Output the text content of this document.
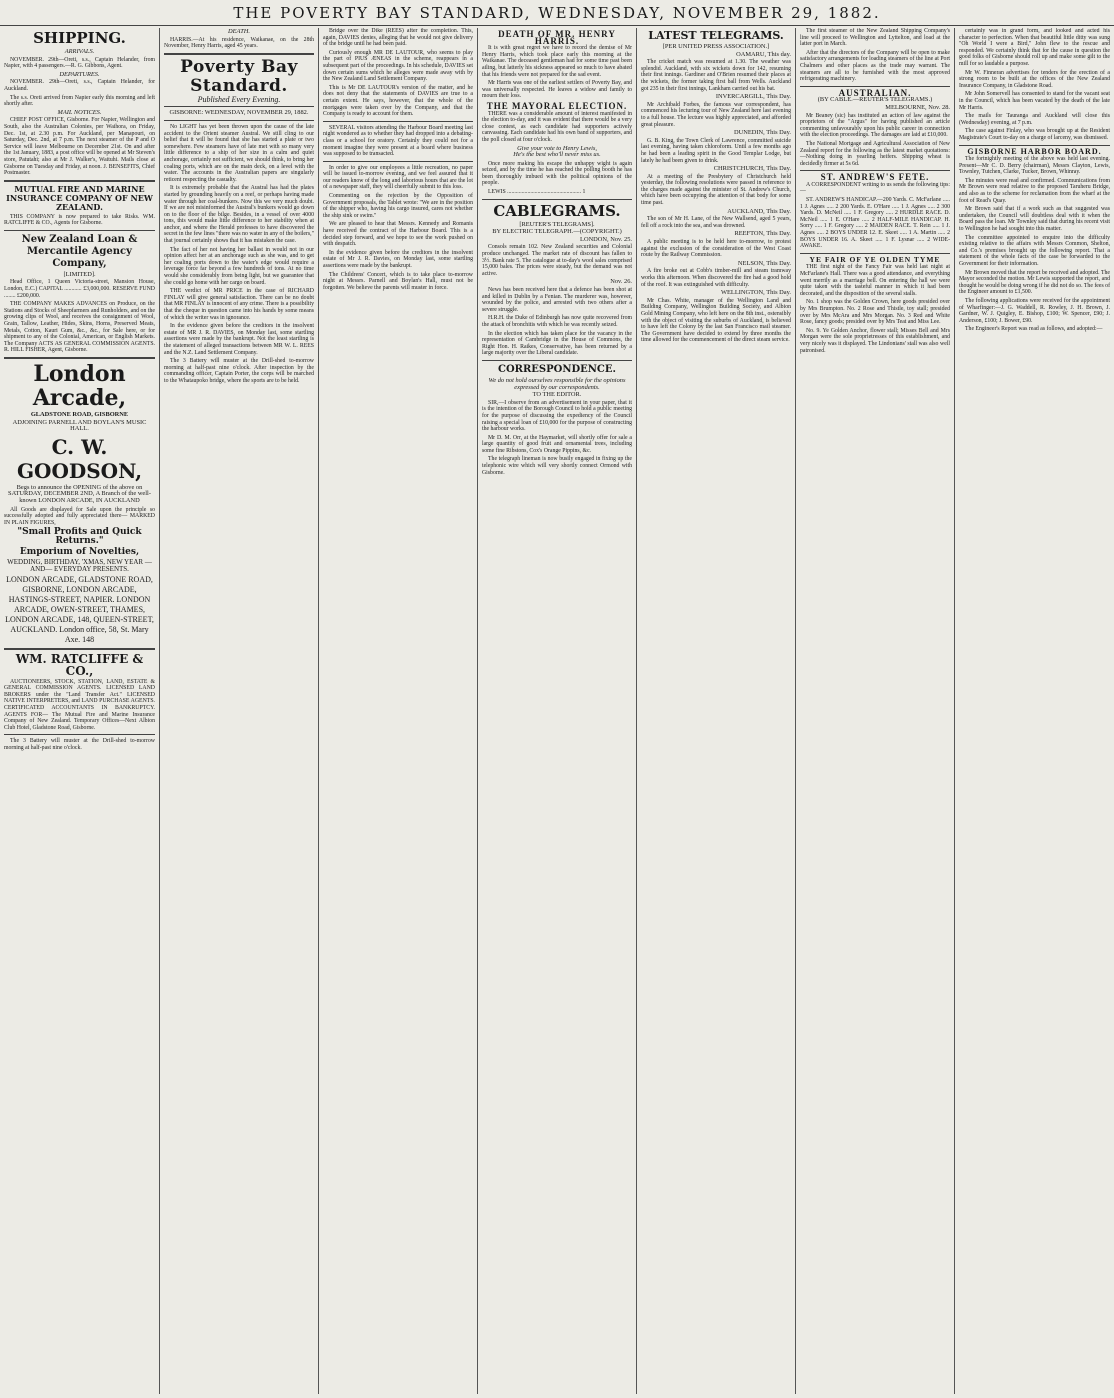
THE POVERTY BAY STANDARD, WEDNESDAY, NOVEMBER 29, 1882.
SHIPPING.
ARRIVALS.

NOVEMBER. 29th—Oreti, s.s., Captain Helander, from Napier, with 4 passengers.—R. G. Gibbons, Agent.

DEPARTURES.

NOVEMBER. 29th—Oreti, s.s., Captain Helander, for Auckland.

The s.s. Oreti arrived from Napier early this morning and left shortly after.

MAIL NOTICES.

CHIEF POST OFFICE, Gisborne. For Napier, Wellington and South, also the Australian Colonies, per Waihora, on Friday, Dec. 1st, at 2.30 p.m. For Auckland, per Manapouri, on Saturday, Dec. 2nd, at 7 p.m. The next steamer of the P and O Service will leave Melbourne on December 21st. On and after the 1st January, 1883, a post office will be opened at Mr Steven's store, Patutahi; also at Mr J. Walker's, Waituhi. Mails close at Gisborne on Tuesday and Friday, at noon. J. BENSEFITS, Chief Postmaster.

MUTUAL FIRE AND MARINE INSURANCE COMPANY OF NEW ZEALAND.

THIS COMPANY is now prepared to take Risks. WM. RATCLIFFE & CO., Agents for Gisborne.

New Zealand Loan & Mercantile Agency Company,
[LIMITED].

Head Office, 1 Queen Victoria-street, Mansion House, London, E.C.) CAPITAL ............ £3,000,000. RESERVE FUND ........ £200,000.

THE COMPANY MAKES ADVANCES on Produce, on the Stations and Stocks of Sheepfarmers and Runholders, and on the growing clips of Wool, and receives the consignment of Wool, Grain, Tallow, Leather, Hides, Skins, Horns, Preserved Meats, Metals, Cotton, Kauri Gum, &c., &c., for Sale here, or for shipment to any of the Colonial, American, or English Markets. The Company ACTS AS GENERAL COMMISSION AGENTS. R. HILL FISHER, Agent, Gisborne.

London Arcade,
GLADSTONE ROAD, GISBORNE
ADJOINING PARNELL AND BOYLAN'S MUSIC HALL.
C. W. GOODSON,

Begs to announce the OPENING of the above on SATURDAY, DECEMBER 2ND, A Branch of the well-known LONDON ARCADE, IN AUCKLAND

All Goods are displayed for Sale upon the principle so successfully adopted and fully appreciated there— MARKED IN PLAIN FIGURES,

"Small Profits and Quick Returns."
Emporium of Novelties,

WEDDING, BIRTHDAY, 'XMAS, NEW YEAR —AND— EVERYDAY PRESENTS.

LONDON ARCADE, GLADSTONE ROAD, GISBORNE, LONDON ARCADE, HASTINGS-STREET, NAPIER. LONDON ARCADE, OWEN-STREET, THAMES, LONDON ARCADE, 148, QUEEN-STREET, AUCKLAND. London office, 58, St. Mary Axe. 148

WM. RATCLIFFE & CO.,

AUCTIONEERS, STOCK, STATION, LAND, ESTATE & GENERAL COMMISSION AGENTS. LICENSED LAND BROKERS under the "Land Transfer Act." LICENSED NATIVE INTERPRETERS, and LAND PURCHASE AGENTS. CERTIFICATED ACCOUNTANTS IN BANKRUPTCY. AGENTS FOR— The Mutual Fire and Marine Insurance Company of New Zealand. Temporary Offices—Next Albion Club Hotel, Gladstone Road, Gisborne.

The 3 Battery will muster at the Drill-shed to-morrow morning at half-past nine o'clock.

DEATH.

HARRIS.—At his residence, Waikanae, on the 28th November, Henry Harris, aged 45 years.

Poverty Bay Standard.
Published Every Evening.
GISBORNE: WEDNESDAY, NOVEMBER 29, 1882.

No LIGHT has yet been thrown upon the cause of the late accident to the Orient steamer Austral. We still cling to our belief that it will be found that she has started a plate or two somewhere. Few steamers have of late met with so many very little difference to a ship of her size in a calm and quiet anchorage, certainly not sufficient, we should think, to bring her coaling ports, which are on the main deck, on a level with the water. The accounts in the Australian papers are singularly reticent respecting the casualty.

It is extremely probable that the Austral has had the plates started by grounding heavily on a reef, or perhaps having made water through her coal-bunkers. Now this we very much doubt. If we are not misinformed the Austral's bunkers would go down on to the floor of the bilge. Besides, in a vessel of over 4000 tons, this would make little difference to her stability when at anchor, and where the Herald professes to have discovered the secret in the few lines "there was no water in any of the boilers," that journal certainly shows that it has mistaken the case.

The fact of her not having her ballast in would not in our opinion affect her at an anchorage such as she was, and to get her coaling ports down to the water's edge would require a leverage force far beyond a few hundreds of tons. At no time would she considerably from being light, but we guarantee that she could go home with her cargo on board.

THE verdict of MR PRICE in the case of RICHARD FINLAY will give general satisfaction. There can be no doubt that MR FINLAY is innocent of any crime. There is a possibility that the cheque in question came into his hands by some means of which the writer was in ignorance.

In the evidence given before the creditors in the insolvent estate of MR J. R. DAVIES, on Monday last, some startling assertions were made by the bankrupt. Not the least startling is the statement of alleged transactions between MR W. L. REES and the N.Z. Land Settlement Company.

The 3 Battery will muster at the Drill-shed to-morrow morning at half-past nine o'clock. After inspection by the commanding officer, Captain Porter, the corps will be marched to the Whataupoko bridge, where the sports are to be held.

Bridge over the Dike (REES) after the completion. This, again, DAVIES denies, alleging that he would not give delivery of the bridge until he had been paid.

Curiously enough MR DE LAUTOUR, who seems to play the part of PIUS ÆNEAS in the scheme, reappears in a subsequent part of the proceedings. In his schedule, DAVIES set down certain sums which he alleges were made away with by the New Zealand Land Settlement Company.

This is Mr DE LAUTOUR's version of the matter, and he does not deny that the statements of DAVIES are true to a certain extent. He says, however, that the whole of the mortgages were taken over by the Company, and that the Company is ready to account for them.

SEVERAL visitors attending the Harbour Board meeting last night wondered as to whether they had dropped into a debating-class or a school for oratory. Certainly they could not for a moment imagine they were present at a board where business was supposed to be transacted.

In order to give our employees a little recreation, no paper will be issued to-morrow evening, and we feel assured that it our readers know of the long and laborious hours that are the lot of a newspaper staff, they will cheerfully submit to this loss.

Commenting on the rejection by the Opposition of Government proposals, the Tablet wrote: "We are in the position of the shipper who, having his cargo insured, cares not whether the ship sink or swim."

We are pleased to hear that Messrs. Kennedy and Romanis have received the contract of the Harbour Board. This is a decided step forward, and we hope to see the work pushed on with despatch.

In the evidence given before the creditors in the insolvent estate of Mr J. R. Davies, on Monday last, some startling assertions were made by the bankrupt.

The Childrens' Concert, which is to take place to-morrow night at Messrs. Parnell and Boylan's Hall, must not be forgotten. We believe the parents will muster in force.

DEATH OF MR. HENRY HARRIS.

It is with great regret we have to record the demise of Mr Henry Harris, which took place early this morning at the Waikanae. The deceased gentleman had for some time past been ailing, but latterly his sickness appeared so much to have abated that his friends were not prepared for the sad event.

Mr Harris was one of the earliest settlers of Poverty Bay, and was universally respected. He leaves a widow and family to mourn their loss.

THE MAYORAL ELECTION.

THERE was a considerable amount of interest manifested in the election to-day, and it was evident that there would be a very close contest, as each candidate had supporters actively canvassing. Each candidate had his own band of supporters, and the poll closed at four o'clock.

Give your vote to Henry Lewis,
He's the best who'll never miss us.

Once more making his escape the unhappy wight is again seized, and by the time he has reached the polling booth he has been thoroughly imbued with the political opinions of the people.

LEWIS ................................................... 1

CABLEGRAMS.
[REUTER'S TELEGRAMS].
BY ELECTRIC TELEGRAPH.—(COPYRIGHT.)
LONDON, Nov. 25.

Consols remain 102. New Zealand securities and Colonial produce unchanged. The market rate of discount has fallen to 3½. Bank rate 5. The catalogue at to-day's wool sales comprised 15,000 bales. The prices were steady, but the demand was not active.

Nov. 26.

News has been received here that a defence has been shot at and killed in Dublin by a Fenian. The murderer was, however, wounded by the police, and arrested with two others after a severe struggle.

H.R.H. the Duke of Edinburgh has now quite recovered from the attack of bronchitis with which he was recently seized.

In the election which has taken place for the vacancy in the representation of Cambridge in the House of Commons, the Right Hon. H. Raikes, Conservative, has been returned by a large majority over the Liberal candidate.

CORRESPONDENCE.
We do not hold ourselves responsible for the opinions expressed by our correspondents.
TO THE EDITOR.

SIR,—I observe from an advertisement in your paper, that it is the intention of the Borough Council to hold a public meeting for the purpose of discussing the expediency of the Council raising a special loan of £10,000 for the purpose of constructing the harbour works.

Mr D. M. Orr, at the Haymarket, will shortly offer for sale a large quantity of good fruit and ornamental trees, including some fine Ribstons, Cox's Orange Pippins, &c.

The telegraph lineman is now busily engaged in fixing up the telephonic wire which will very shortly connect Ormond with Gisborne.

LATEST TELEGRAMS.
[PER UNITED PRESS ASSOCIATION.]
OAMARU, This day.

The cricket match was resumed at 1.30. The weather was splendid. Auckland, with six wickets down for 142, resuming their first innings. Gardiner and O'Brien resumed their places at the wickets, the former taking first ball from Wells. Auckland got 235 in their first innings, Lankham carried out his bat.

INVERCARGILL, This Day.

Mr Archibald Forbes, the famous war correspondent, has commenced his lecturing tour of New Zealand here last evening to a full house. The lecture was highly appreciated, and afforded great pleasure.

DUNEDIN, This Day.

G. B. King, the Town Clerk of Lawrence, committed suicide last evening, having taken chloroform. Until a few months ago he had been a leading spirit in the Good Templar Lodge, but lately he had been given to drink.

CHRISTCHURCH, This Day.

At a meeting of the Presbytery of Christchurch held yesterday, the following resolutions were passed in reference to the charges made against the minister of St. Andrew's Church, which have been occupying the attention of that body for some time past.

AUCKLAND, This Day.

The son of Mr H. Lane, of the New Wallsend, aged 5 years, fell off a rock into the sea, and was drowned.

REEFTON, This Day.

A public meeting is to be held here to-morrow, to protest against the exclusion of the consideration of the West Coast route by the Railway Commission.

NELSON, This Day.

A fire broke out at Cobb's timber-mill and steam tramway works this afternoon. When discovered the fire had a good hold of the roof. It was extinguished with difficulty.

WELLINGTON, This Day.

Mr Chas. White, manager of the Wellington Land and Building Company, Wellington Building Society, and Albion Gold Mining Company, who left here on the 8th inst., ostensibly with the object of visiting the suburbs of Auckland, is believed to have left the Colony by the last San Francisco mail steamer. The Government have decided to extend by three months the time allowed for the commencement of the direct steam service.

The first steamer of the New Zealand Shipping Company's line will proceed to Wellington and Lyttelton, and load at the latter port in March.

After that the directors of the Company will be open to make satisfactory arrangements for loading steamers of the line at Port Chalmers and other places as the trade may warrant. The steamers are all to be furnished with the most approved refrigerating machinery.

AUSTRALIAN.
(BY CABLE.—REUTER'S TELEGRAMS.)
MELBOURNE, Nov. 28.

Mr Beaney (sic) has instituted an action of law against the proprietors of the "Argus" for having published an article commenting unfavourably upon his public career in connection with the election proceedings. The damages are laid at £10,000.

The National Mortgage and Agricultural Association of New Zealand report for the following as the latest market quotations:—Nothing doing in yearling heifers. Shipping wheat is decidedly firmer at 5s 6d.

ST. ANDREW'S FETE.

A CORRESPONDENT writing to us sends the following tips:—

ST. ANDREW'S HANDICAP.—200 Yards. C. McFarlane ..... 1 J. Agnes ..... 2 200 Yards. E. O'Hare ..... 1 J. Agnes ..... 2 300 Yards. D. McNeil ..... 1 F. Gregory ..... 2 HURDLE RACE. D. McNeil ..... 1 E. O'Hare ..... 2 HALF-MILE HANDICAP. H. Sorry ..... 1 F. Gregory ..... 2 MAIDEN RACE. T. Rein ..... 1 J. Agnes ..... 2 BOYS UNDER 12. E. Skeet ..... 1 A. Martin ..... 2 BOYS UNDER 16. A. Skeet ..... 1 F. Lysnar ..... 2 WIDE-AWAKE.

YE FAIR OF YE OLDEN TYME

THE first night of the Fancy Fair was held last night at McFarlane's Hall. There was a good attendance, and everything went merrily as a marriage bell. On entering the hall we were quite taken with the tasteful manner in which it had been decorated, and the disposition of the several stalls.

No. 1 shop was the Golden Crown, here goods presided over by Mrs Brumpton. No. 2 Rose and Thistle, toy stall; presided over by Mrs McAra and Mrs Morgan. No. 3 Red and White Rose, fancy goods; presided over by Mrs Teat and Miss Lee.

No. 9. Ye Golden Anchor, flower stall; Misses Bell and Mrs Morgan were the sole proprietresses of this establishment, and very nicely was it displayed. The Lindonians' stall was also well patronised.

certainly was in grand form, and looked and acted his character to perfection. When that beautiful little ditty was sung "Oh World I were a Bird," John flew to the rescue and responded. We certainly think that for the cause in question the good folks of Gisborne should roll up and make some gilt to the mill for so laudable a purpose.

Mr W. Finneran advertises for tenders for the erection of a strong room to be built at the offices of the New Zealand Insurance Company, in Gladstone Road.

Mr John Somervell has consented to stand for the vacant seat in the Council, which has been vacated by the death of the late Mr Harris.

The mails for Tauranga and Auckland will close this (Wednesday) evening, at 7 p.m.

The case against Finlay, who was brought up at the Resident Magistrate's Court to-day on a charge of larceny, was dismissed.

GISBORNE HARBOR BOARD.

The fortnightly meeting of the above was held last evening. Present—Mr C. D. Berry (chairman), Messrs Clayton, Lewis, Townley, Tutchen, Clarke, Tucker, Brown, Whinray.

The minutes were read and confirmed. Communications from Mr Brown were read relative to the proposed Taruheru Bridge, and also as to the scheme for reclamation from the wharf at the foot of Read's Quay.

Mr Brown said that if a work such as that suggested was undertaken, the Council will doubtless deal with it when the Board pass the loan. Mr Townley said that during his recent visit to Wellington he had sought into this matter.

The committee appointed to enquire into the difficulty existing relative to the affairs with Messrs Common, Shelton, and Co.'s premises brought up the following report. That a statement of the whole facts of the case be forwarded to the Government for their information.

Mr Brown moved that the report be received and adopted. The Mayor seconded the motion. Mr Lewis supported the report, and thought he would be doing wrong if he did not do so. The fees of the Engineer amount to £1,500.

The following applications were received for the appointment of Wharfinger:—J. G. Waddell, R. Rowley, J. H. Brown, J. Gardner, W. J. Quigley, E. Bishop, £100; W. Spencer, £90; J. Anderson, £100; J. Bower, £90.

The Engineer's Report was read as follows, and adopted:—
